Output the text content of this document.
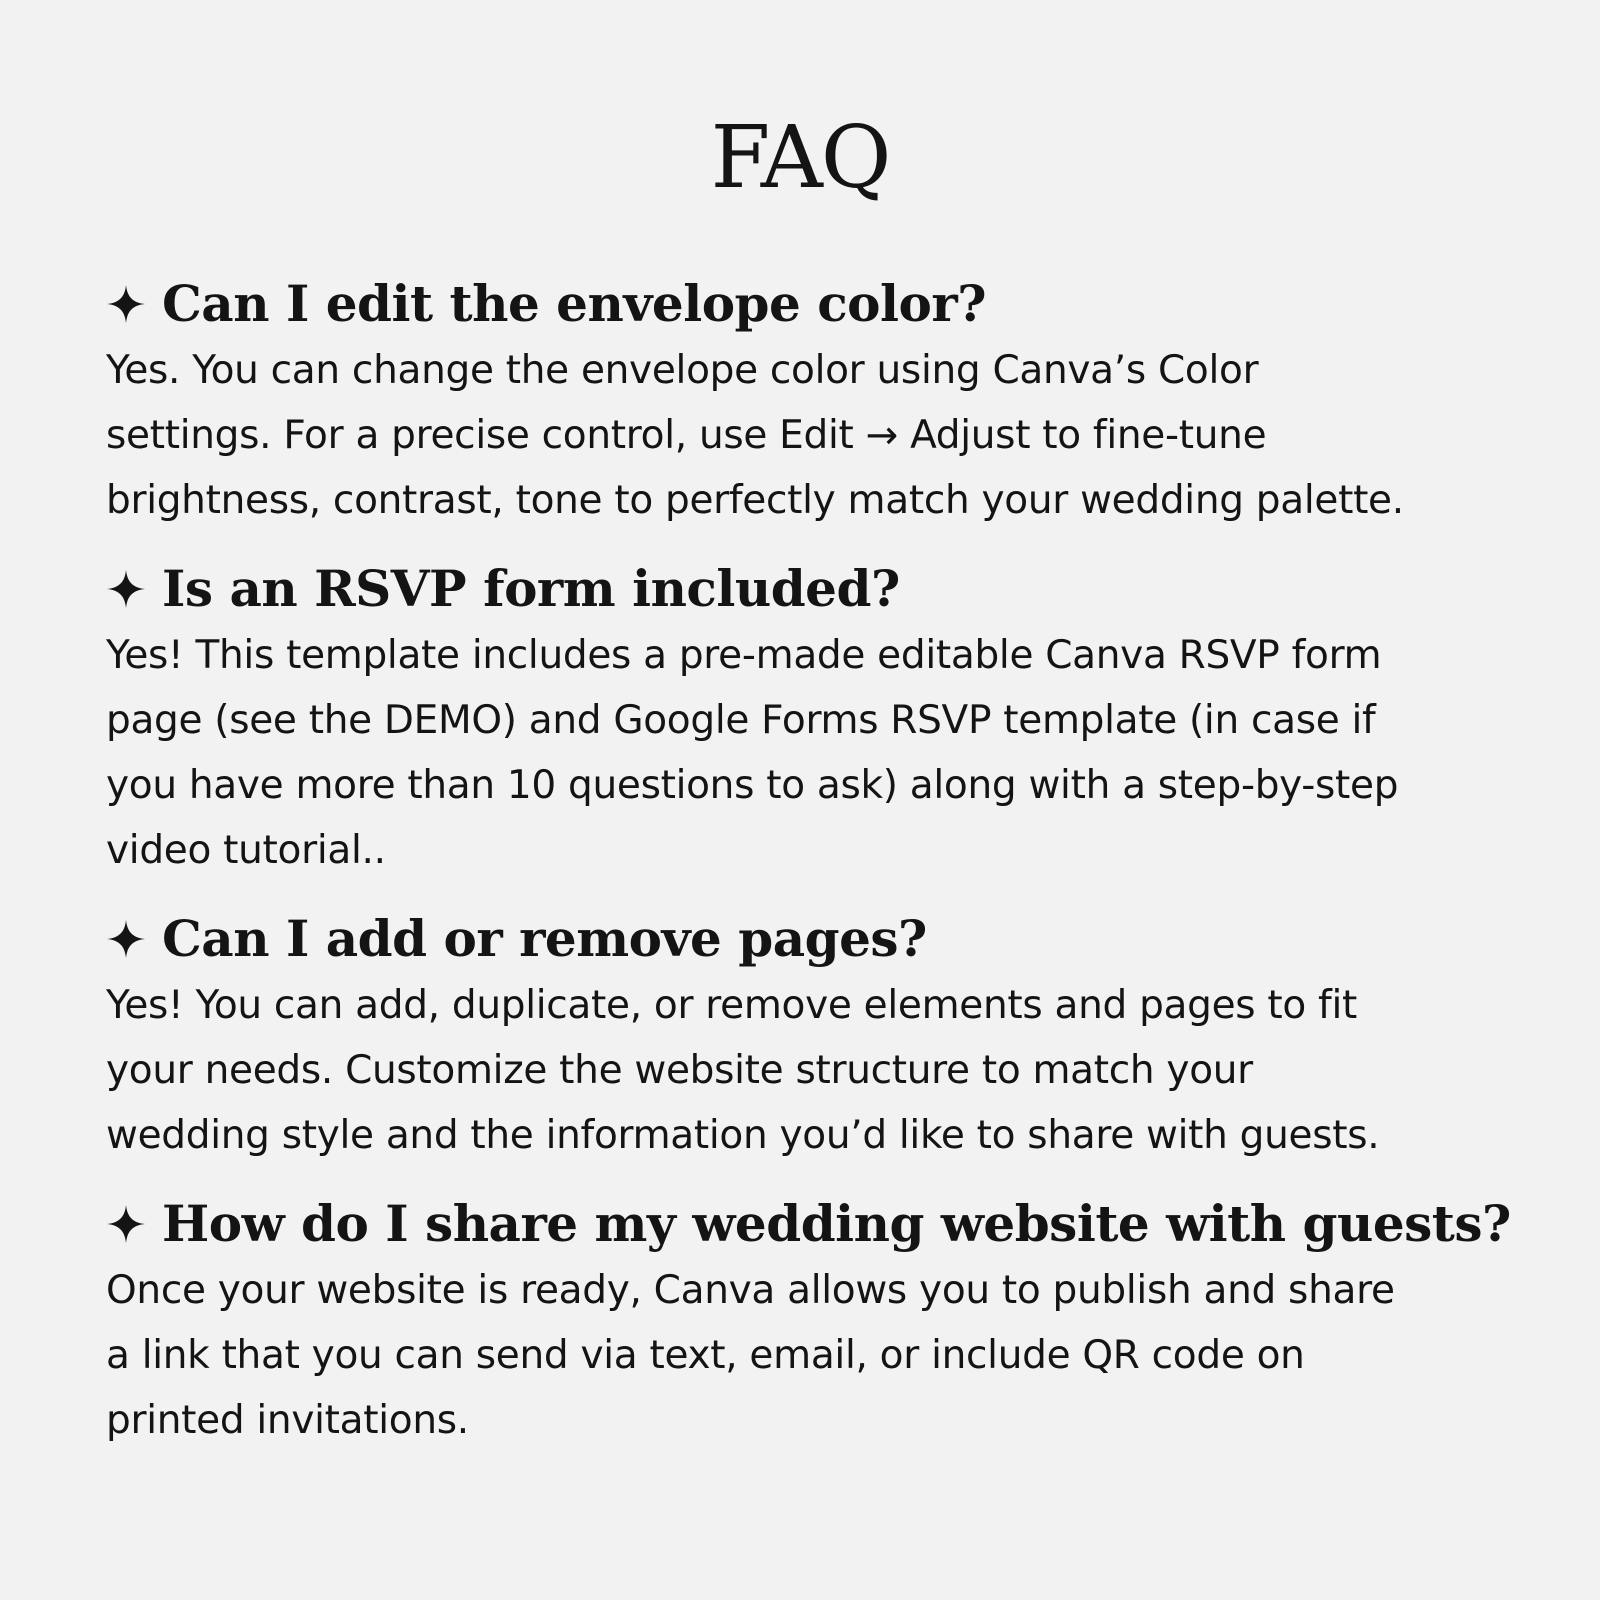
FAQ
Can I edit the envelope color?

Yes. You can change the envelope color using Canva’s Color
settings. For a precise control, use Edit → Adjust to fine-tune
brightness, contrast, tone to perfectly match your wedding palette.

Is an RSVP form included?

Yes! This template includes a pre-made editable Canva RSVP form
page (see the DEMO) and Google Forms RSVP template (in case if
you have more than 10 questions to ask) along with a step-by-step
video tutorial..

Can I add or remove pages?

Yes! You can add, duplicate, or remove elements and pages to fit
your needs. Customize the website structure to match your
wedding style and the information you’d like to share with guests.

How do I share my wedding website with guests?

Once your website is ready, Canva allows you to publish and share
a link that you can send via text, email, or include QR code on
printed invitations.
